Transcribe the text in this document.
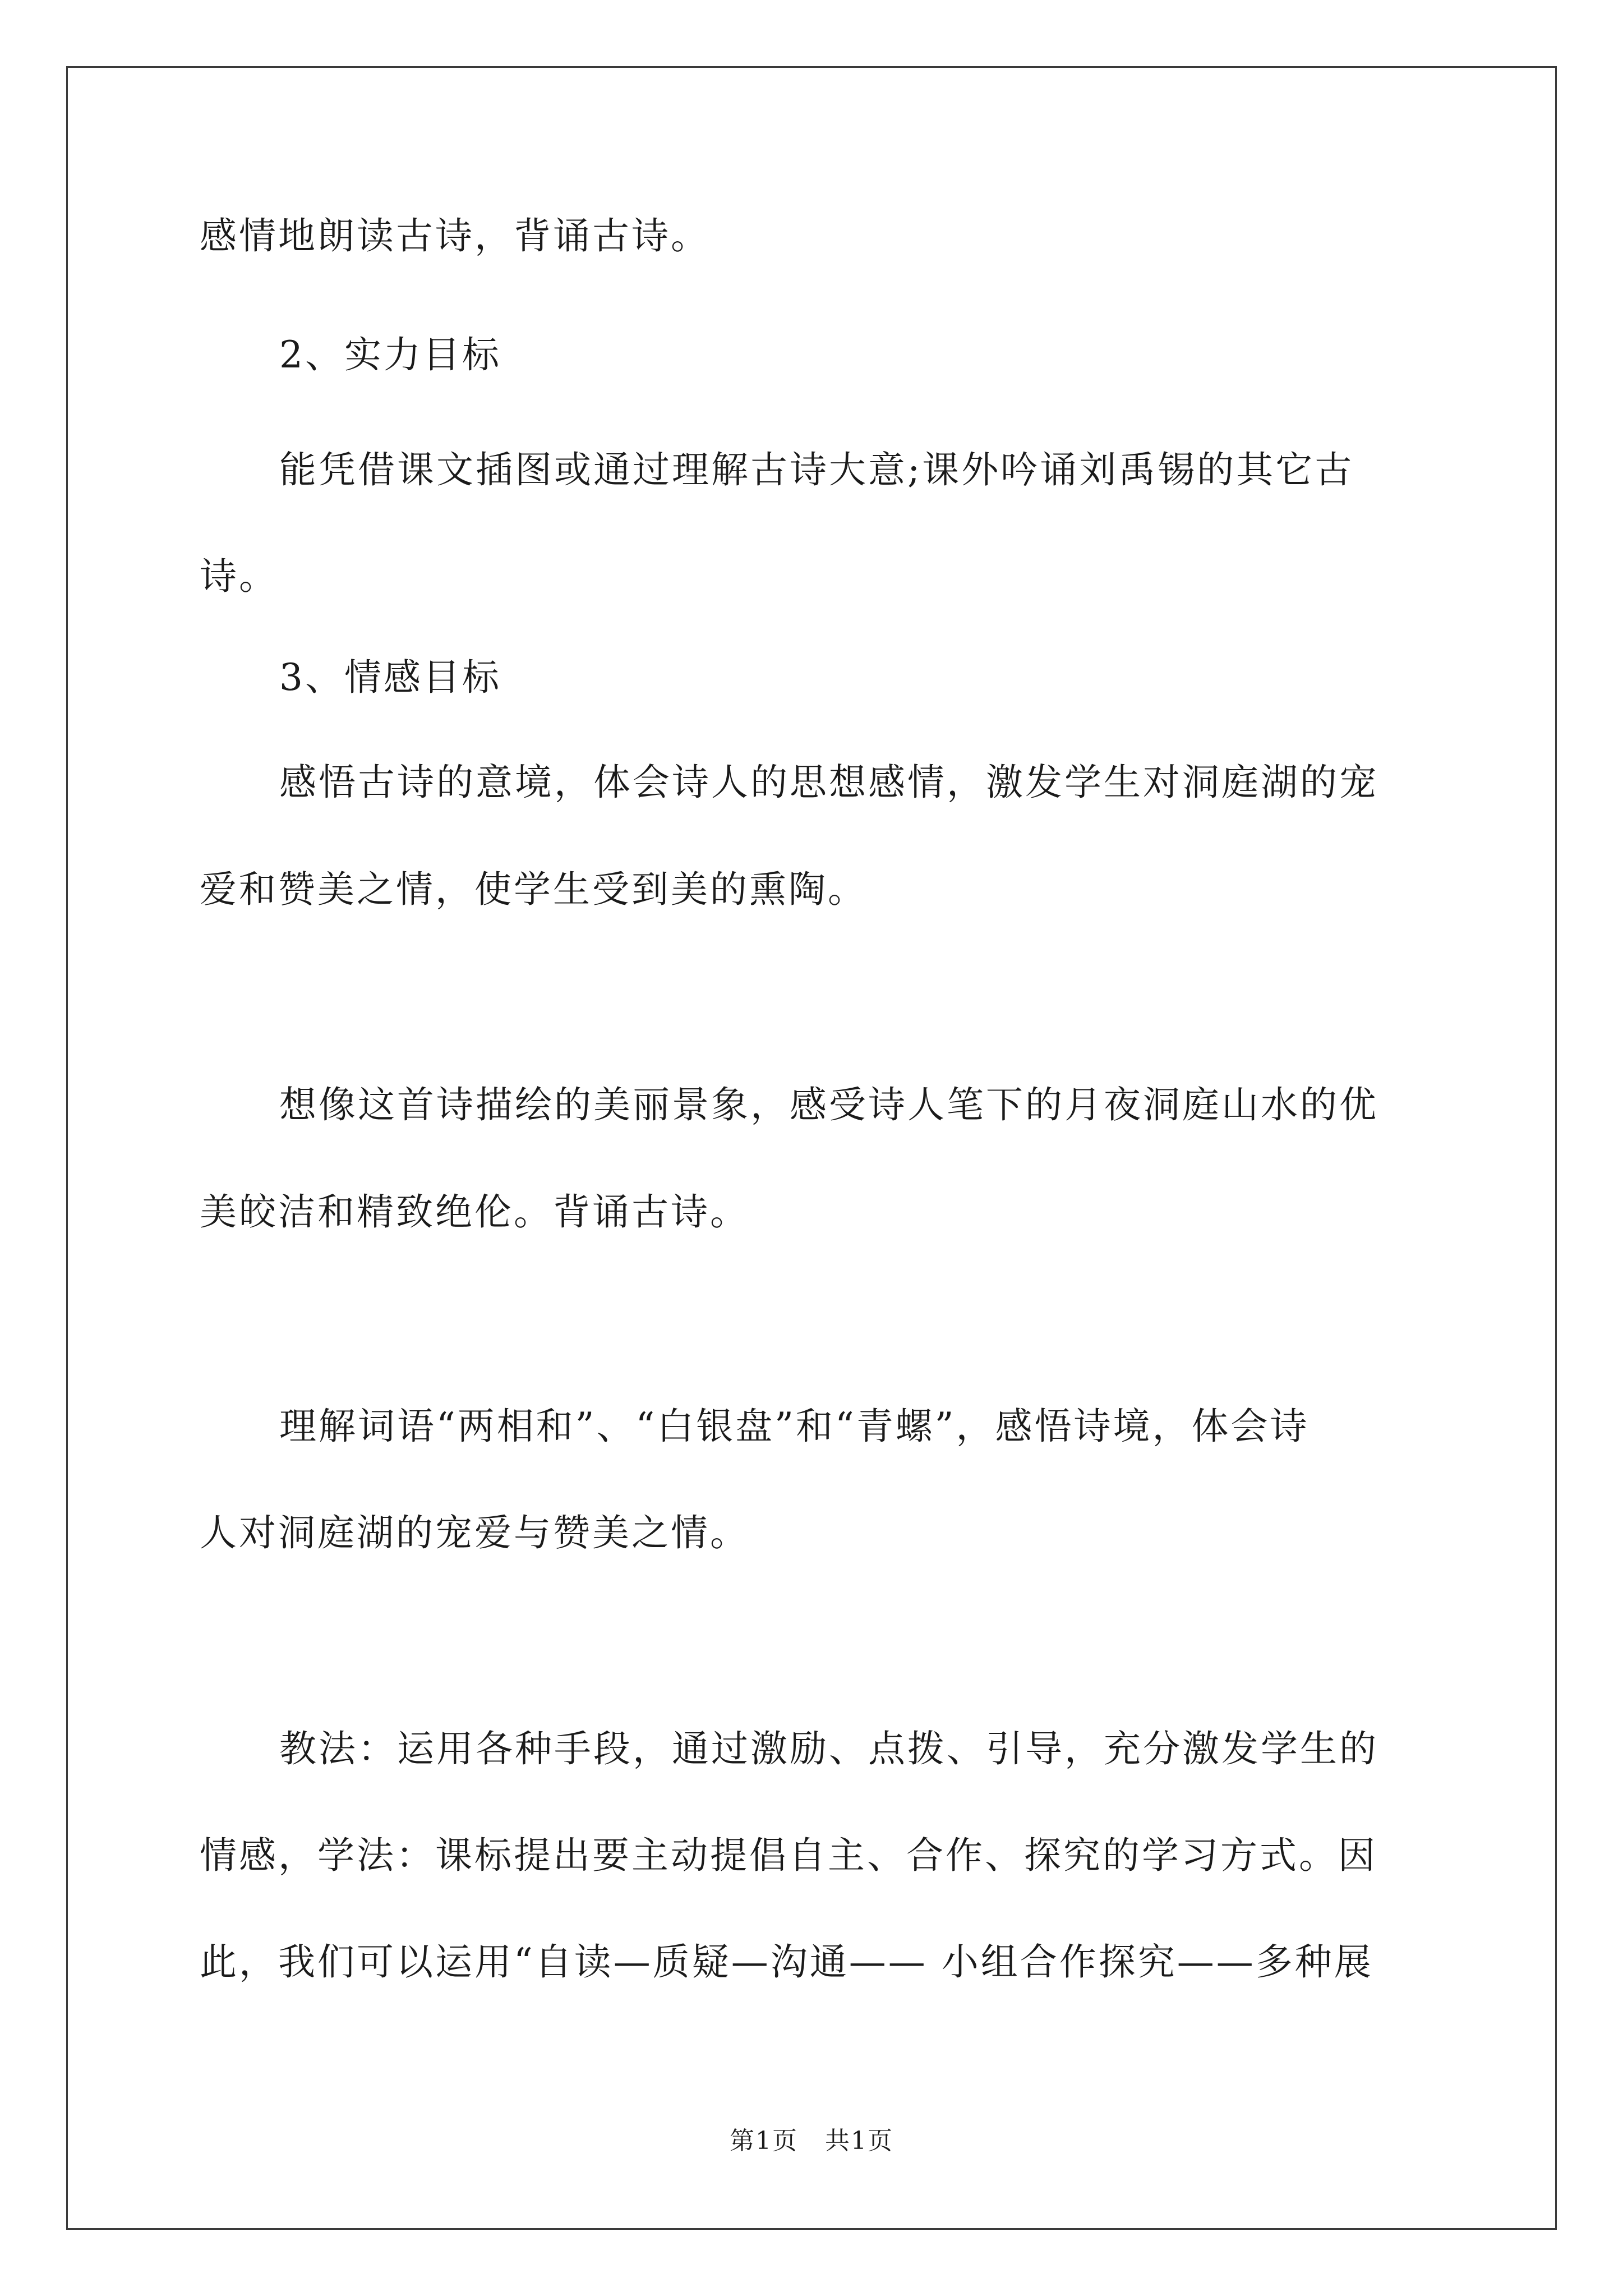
感情地朗读古诗，背诵古诗。
2、实力目标
能凭借课文插图或通过理解古诗大意;课外吟诵刘禹锡的其它古
诗。
3、情感目标
感悟古诗的意境，体会诗人的思想感情，激发学生对洞庭湖的宠
爱和赞美之情，使学生受到美的熏陶。
想像这首诗描绘的美丽景象，感受诗人笔下的月夜洞庭山水的优
美皎洁和精致绝伦。背诵古诗。
理解词语“两相和”、“白银盘”和“青螺”，感悟诗境，体会诗
人对洞庭湖的宠爱与赞美之情。
教法：运用各种手段，通过激励、点拨、引导，充分激发学生的
情感，学法：课标提出要主动提倡自主、合作、探究的学习方式。因
此，我们可以运用“自读—质疑—沟通—— 小组合作探究——多种展
第1页   共1页
